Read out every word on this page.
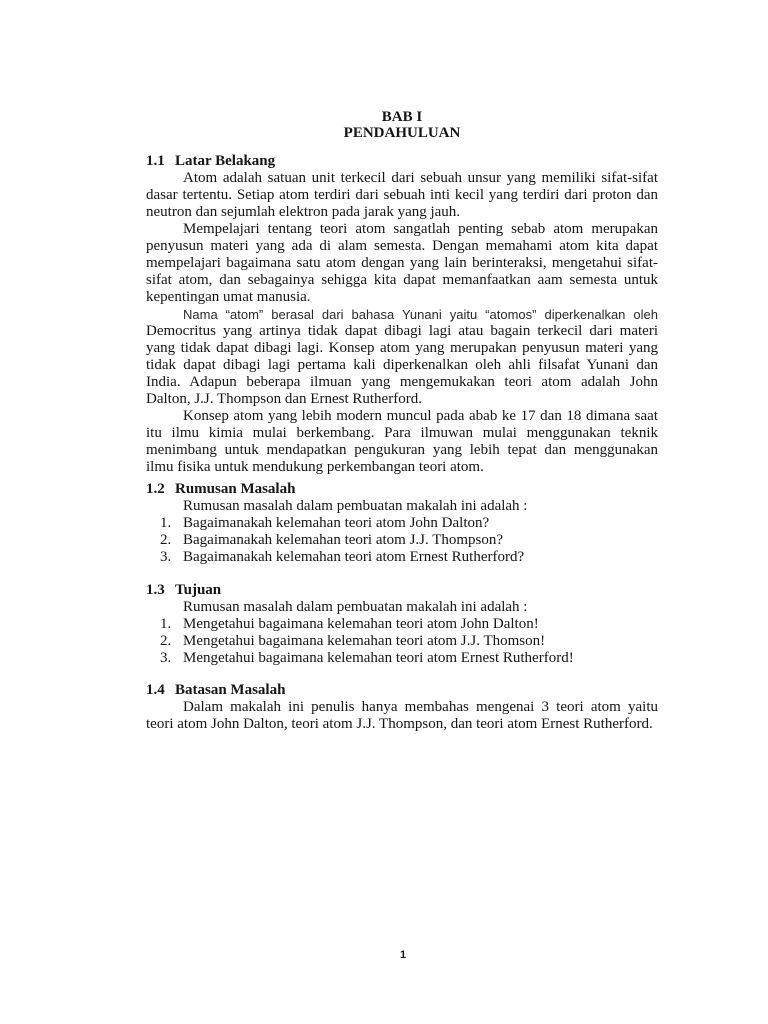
BAB I
PENDAHULUAN
1.1 Latar Belakang
Atom adalah satuan unit terkecil dari sebuah unsur yang memiliki sifat-sifat
dasar tertentu. Setiap atom terdiri dari sebuah inti kecil yang terdiri dari proton dan
neutron dan sejumlah elektron pada jarak yang jauh.
Mempelajari tentang teori atom sangatlah penting sebab atom merupakan
penyusun materi yang ada di alam semesta. Dengan memahami atom kita dapat
mempelajari bagaimana satu atom dengan yang lain berinteraksi, mengetahui sifat-
sifat atom, dan sebagainya sehigga kita dapat memanfaatkan aam semesta untuk
kepentingan umat manusia.
Nama “atom” berasal dari bahasa Yunani yaitu “atomos” diperkenalkan oleh
Democritus yang artinya tidak dapat dibagi lagi atau bagain terkecil dari materi
yang tidak dapat dibagi lagi. Konsep atom yang merupakan penyusun materi yang
tidak dapat dibagi lagi pertama kali diperkenalkan oleh ahli filsafat Yunani dan
India. Adapun beberapa ilmuan yang mengemukakan teori atom adalah John
Dalton, J.J. Thompson dan Ernest Rutherford.
Konsep atom yang lebih modern muncul pada abab ke 17 dan 18 dimana saat
itu ilmu kimia mulai berkembang. Para ilmuwan mulai menggunakan teknik
menimbang untuk mendapatkan pengukuran yang lebih tepat dan menggunakan
ilmu fisika untuk mendukung perkembangan teori atom.
1.2 Rumusan Masalah
Rumusan masalah dalam pembuatan makalah ini adalah :
1. Bagaimanakah kelemahan teori atom John Dalton?
2. Bagaimanakah kelemahan teori atom J.J. Thompson?
3. Bagaimanakah kelemahan teori atom Ernest Rutherford?
1.3 Tujuan
Rumusan masalah dalam pembuatan makalah ini adalah :
1. Mengetahui bagaimana kelemahan teori atom John Dalton!
2. Mengetahui bagaimana kelemahan teori atom J.J. Thomson!
3. Mengetahui bagaimana kelemahan teori atom Ernest Rutherford!
1.4 Batasan Masalah
Dalam makalah ini penulis hanya membahas mengenai 3 teori atom yaitu
teori atom John Dalton, teori atom J.J. Thompson, dan teori atom Ernest Rutherford.
1
